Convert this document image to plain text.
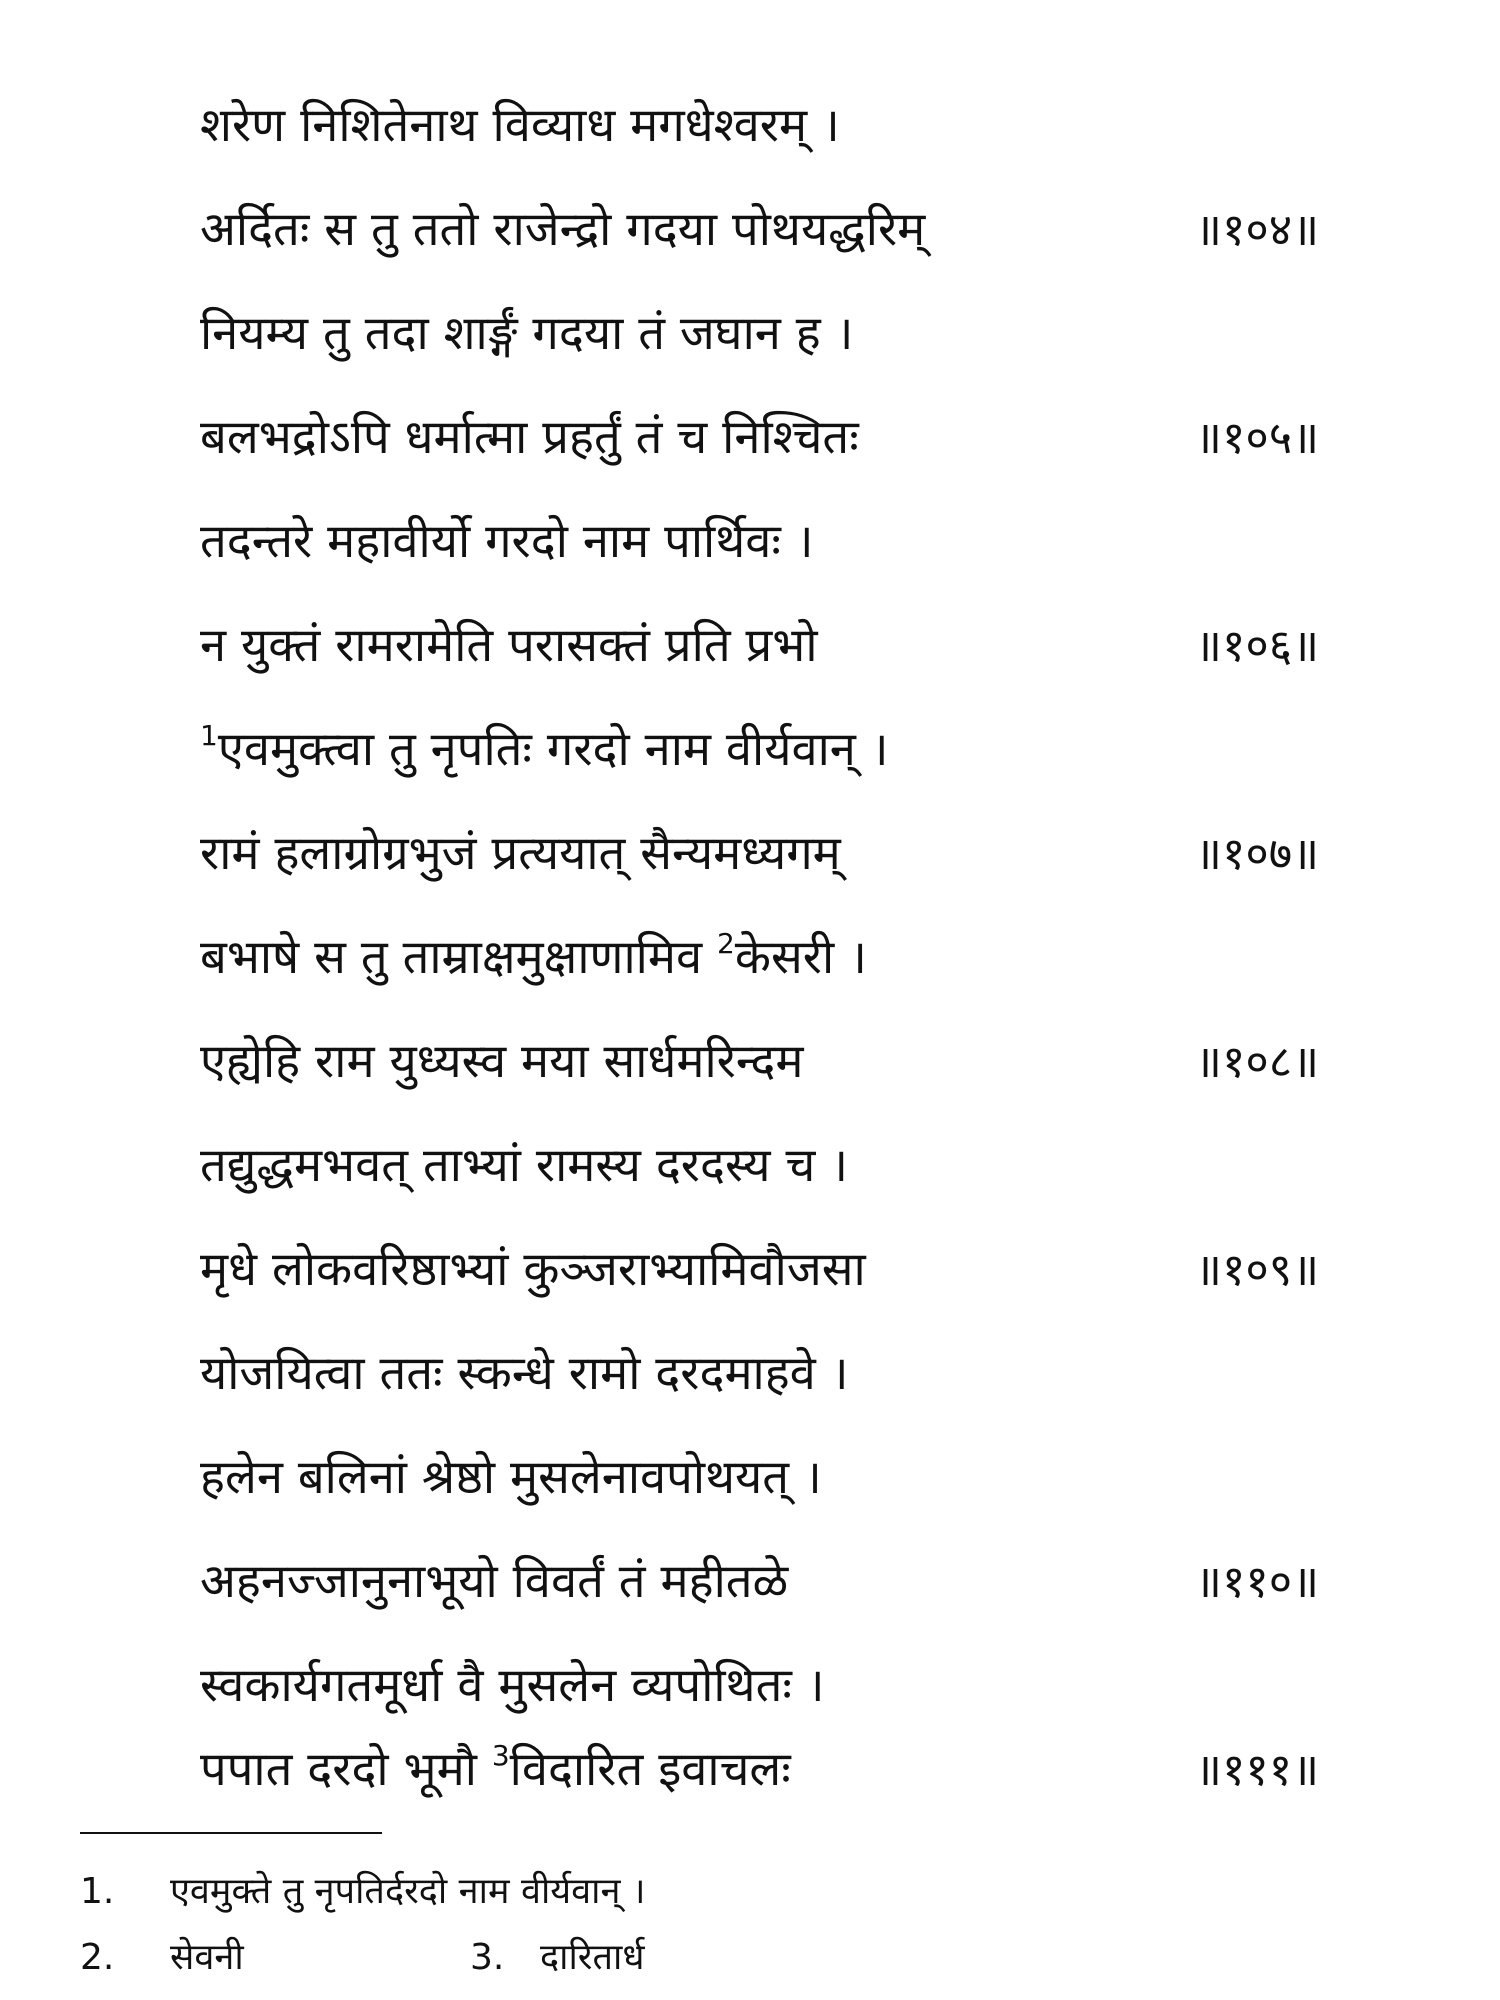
शरेण निशितेनाथ विव्याध मगधेश्वरम् ।
अर्दितः स तु ततो राजेन्द्रो गदया पोथयद्धरिम्	॥१०४॥
नियम्य तु तदा शार्ङ्गं गदया तं जघान ह ।
बलभद्रोऽपि धर्मात्मा प्रहर्तुं तं च निश्चितः	॥१०५॥
तदन्तरे महावीर्यो गरदो नाम पार्थिवः ।
न युक्तं रामरामेति परासक्तं प्रति प्रभो	॥१०६॥
$^1$एवमुक्त्वा तु नृपतिः गरदो नाम वीर्यवान् ।
रामं हलाग्रोग्रभुजं प्रत्ययात् सैन्यमध्यगम्	॥१०७॥
बभाषे स तु ताम्राक्षमुक्षाणामिव $^2$केसरी ।
एह्येहि राम युध्यस्व मया सार्धमरिन्दम	॥१०८॥
तद्युद्धमभवत् ताभ्यां रामस्य दरदस्य च ।
मृधे लोकवरिष्ठाभ्यां कुञ्जराभ्यामिवौजसा	॥१०९॥
योजयित्वा ततः स्कन्धे रामो दरदमाहवे ।
हलेन बलिनां श्रेष्ठो मुसलेनावपोथयत् ।
अहनज्जानुनाभूयो विवर्तं तं महीतळे	॥११०॥
स्वकार्यगतमूर्धा वै मुसलेन व्यपोथितः ।
पपात दरदो भूमौ $^3$विदारित इवाचलः	॥१११॥
1. एवमुक्ते तु नृपतिर्दरदो नाम वीर्यवान् ।
2. सेवनी	3. दारितार्ध
